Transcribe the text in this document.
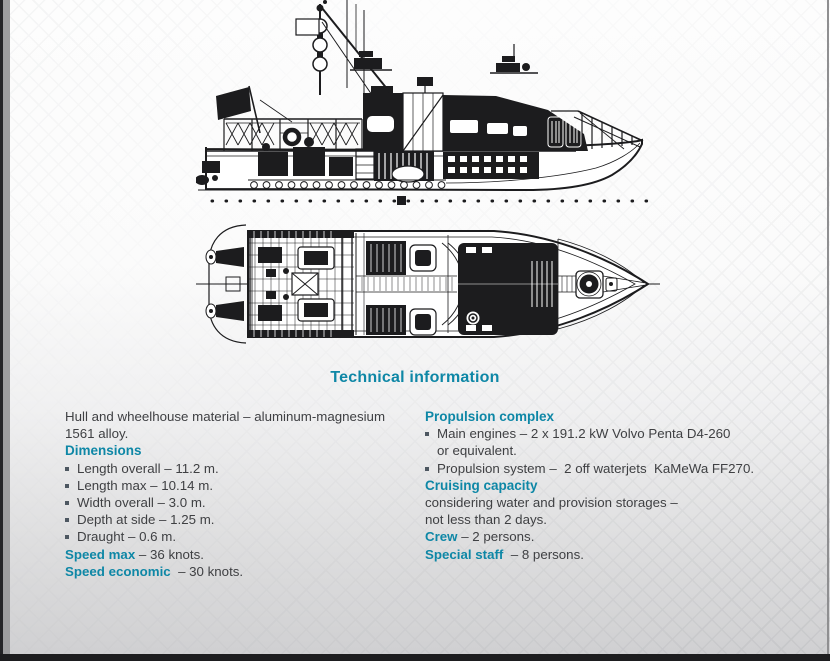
Technical information

Hull and wheelhouse material – aluminum-magnesium
1561 alloy.

Dimensions
Length overall – 11.2 m.
Length max – 10.14 m.
Width overall – 3.0 m.
Depth at side – 1.25 m.
Draught – 0.6 m.

Speed max – 36 knots.

Speed economic  – 30 knots.

Propulsion complex
Main engines – 2 x 191.2 kW Volvo Penta D4-260
or equivalent.
Propulsion system –  2 off waterjets  KaMeWa FF270.
Cruising capacity

considering water and provision storages –
not less than 2 days.

Crew – 2 persons.

Special staff  – 8 persons.
